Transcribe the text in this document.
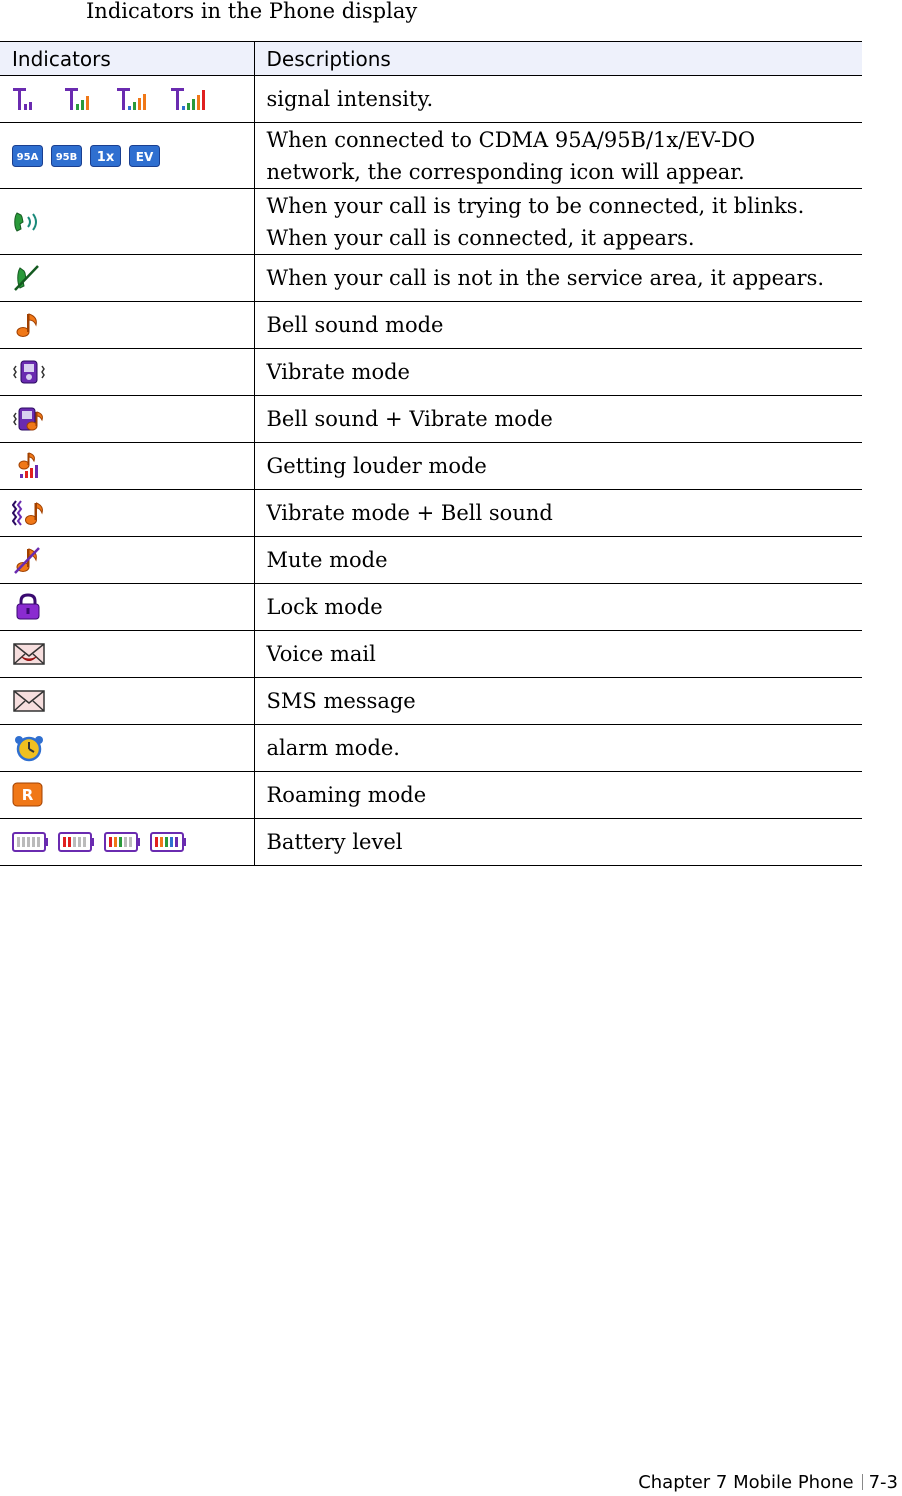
Indicators in the Phone display
Indicators	Descriptions
	signal intensity.

95A
95B
1x
EV	When connected to CDMA 95A/95B/1x/EV-DO network, the corresponding icon will appear.
	When your call is trying to be connected, it blinks. When your call is connected, it appears.
	When your call is not in the service area, it appears.
	Bell sound mode
	Vibrate mode
	Bell sound + Vibrate mode
	Getting louder mode
	Vibrate mode + Bell sound
	Mute mode
	Lock mode
	Voice mail
	SMS message
	alarm mode.

R	Roaming mode
	Battery level
Chapter 7 Mobile Phone 7-3
